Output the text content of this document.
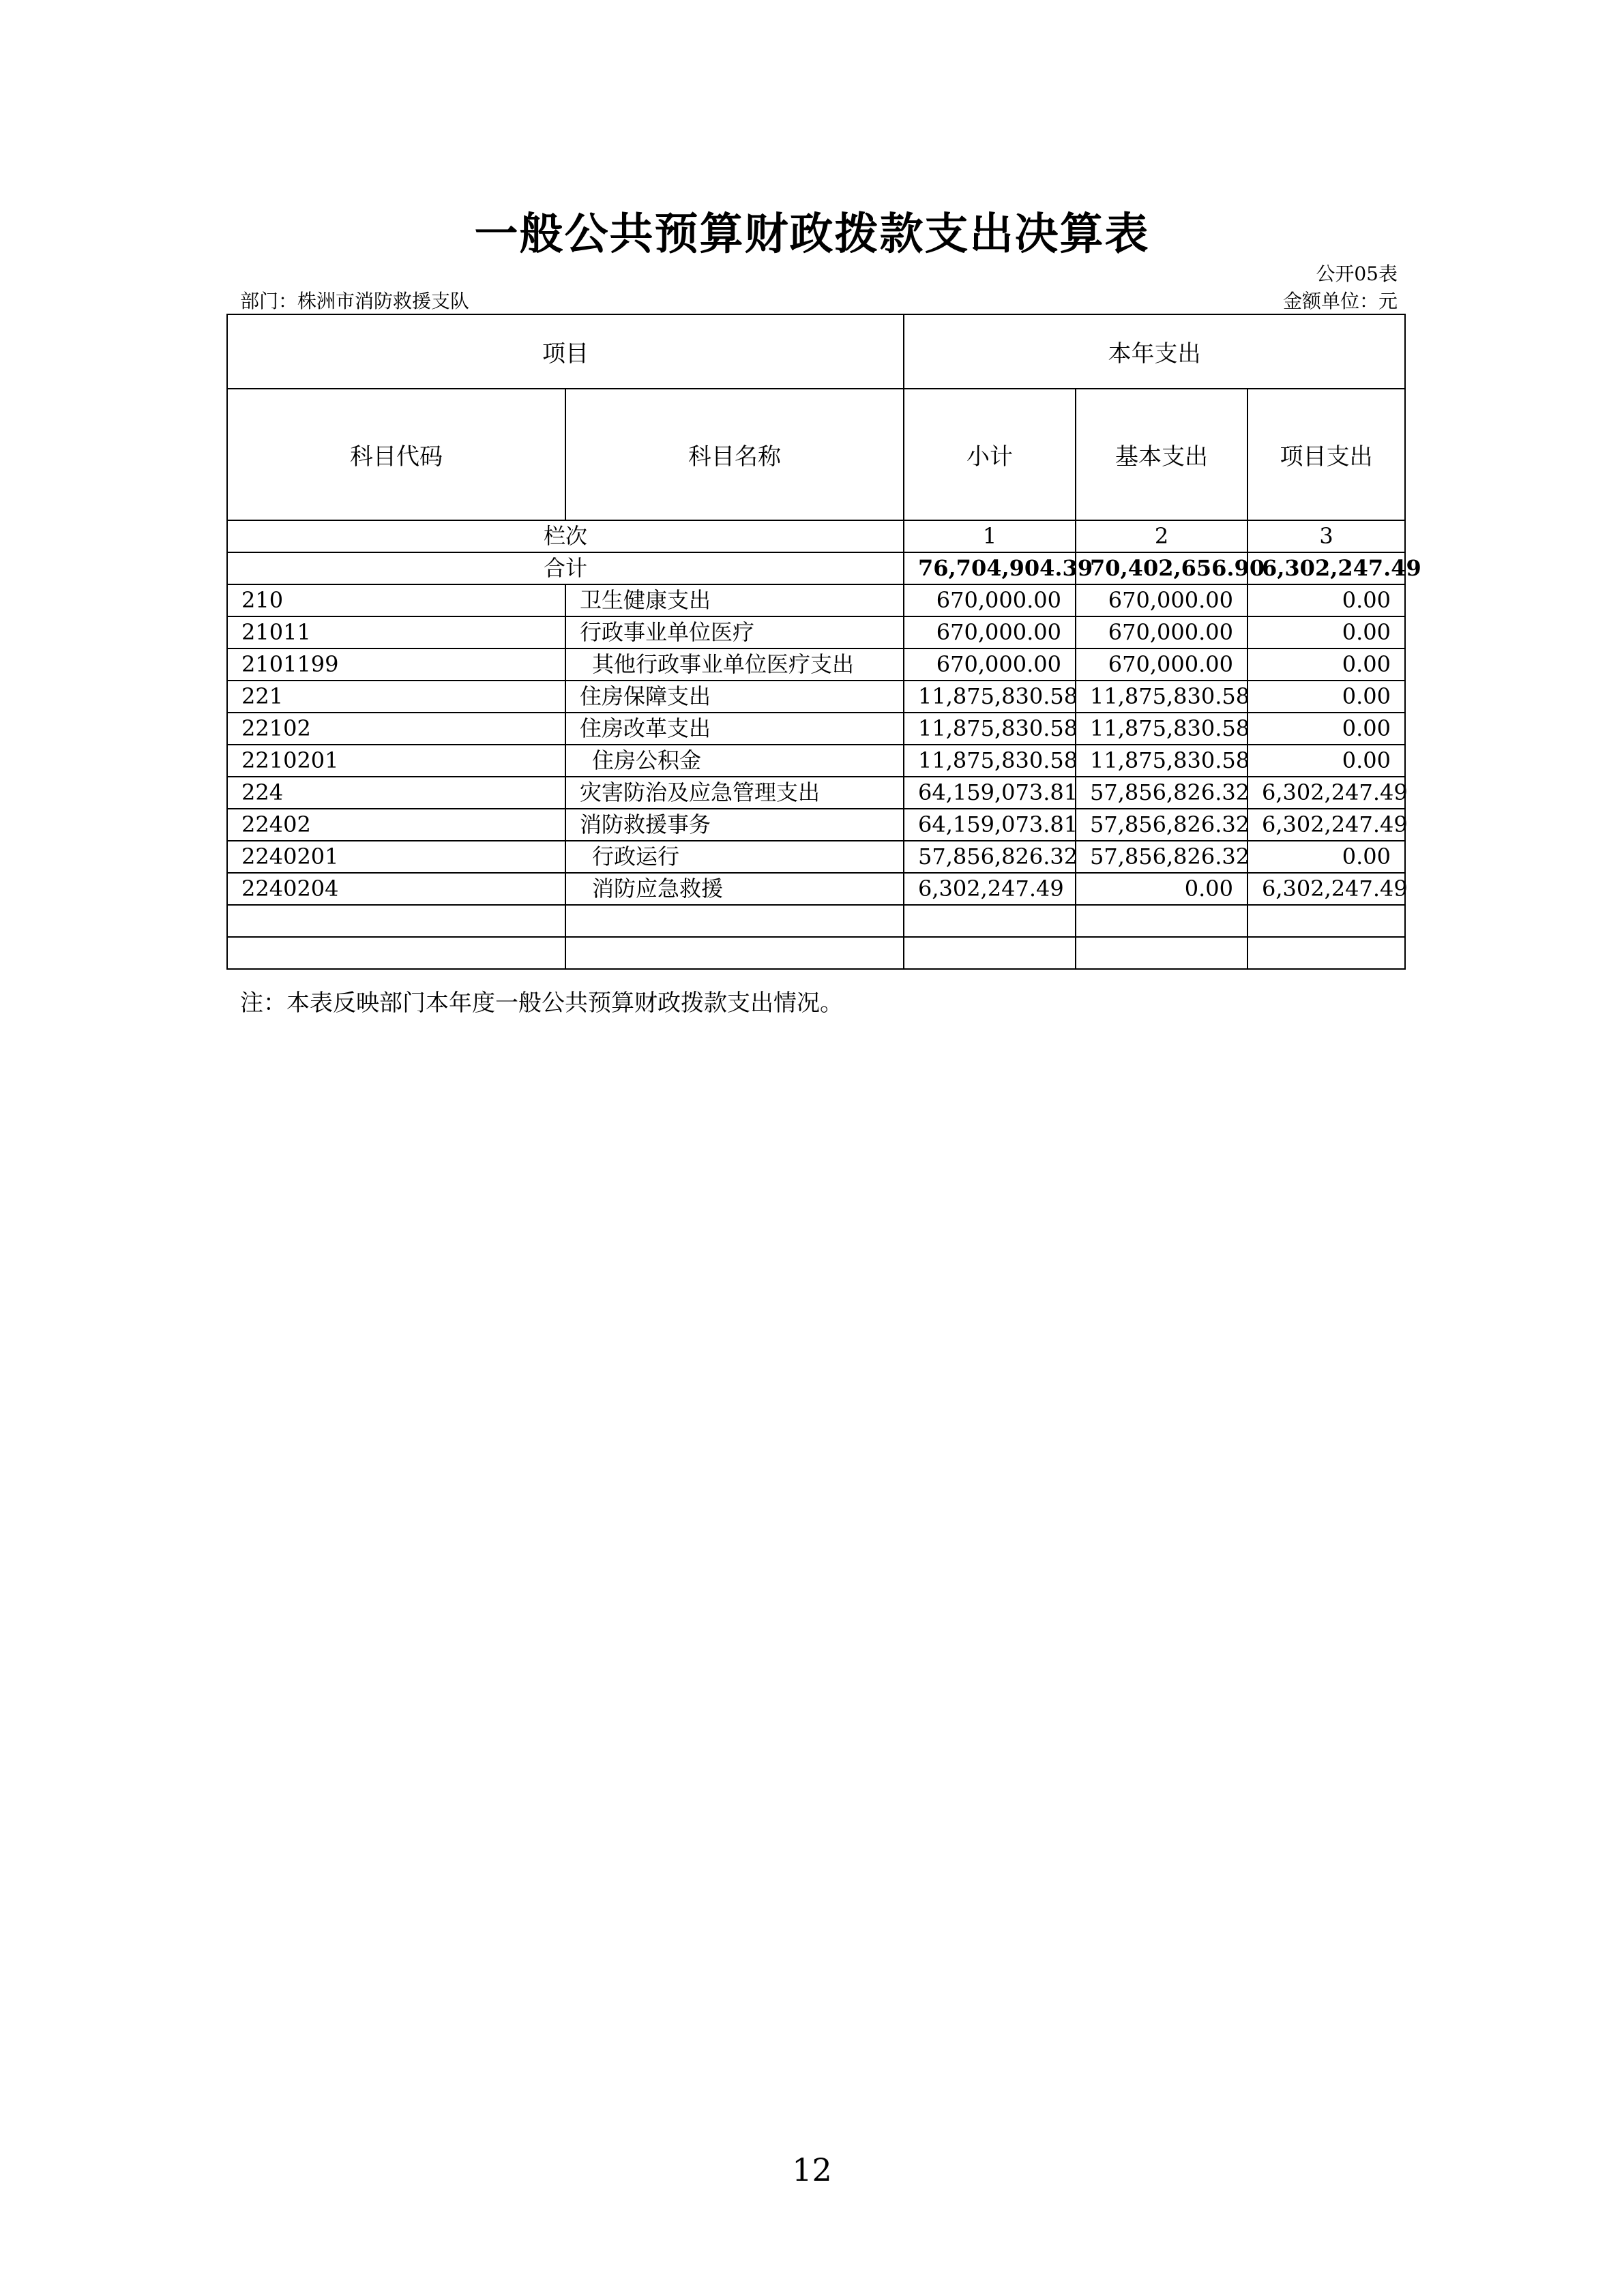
一般公共预算财政拨款支出决算表
公开05表
部门：株洲市消防救援支队	金额单位：元
项目		本年支出		
科目代码	科目名称	小计	基本支出	项目支出
栏次		1	2	3
合计		76,704,904.39	70,402,656.90	6,302,247.49
210	卫生健康支出	670,000.00	670,000.00	0.00
21011	行政事业单位医疗	670,000.00	670,000.00	0.00
2101199	其他行政事业单位医疗支出	670,000.00	670,000.00	0.00
221	住房保障支出	11,875,830.58	11,875,830.58	0.00
22102	住房改革支出	11,875,830.58	11,875,830.58	0.00
2210201	住房公积金	11,875,830.58	11,875,830.58	0.00
224	灾害防治及应急管理支出	64,159,073.81	57,856,826.32	6,302,247.49
22402	消防救援事务	64,159,073.81	57,856,826.32	6,302,247.49
2240201	行政运行	57,856,826.32	57,856,826.32	0.00
2240204	消防应急救援	6,302,247.49	0.00	6,302,247.49

注：本表反映部门本年度一般公共预算财政拨款支出情况。
12
